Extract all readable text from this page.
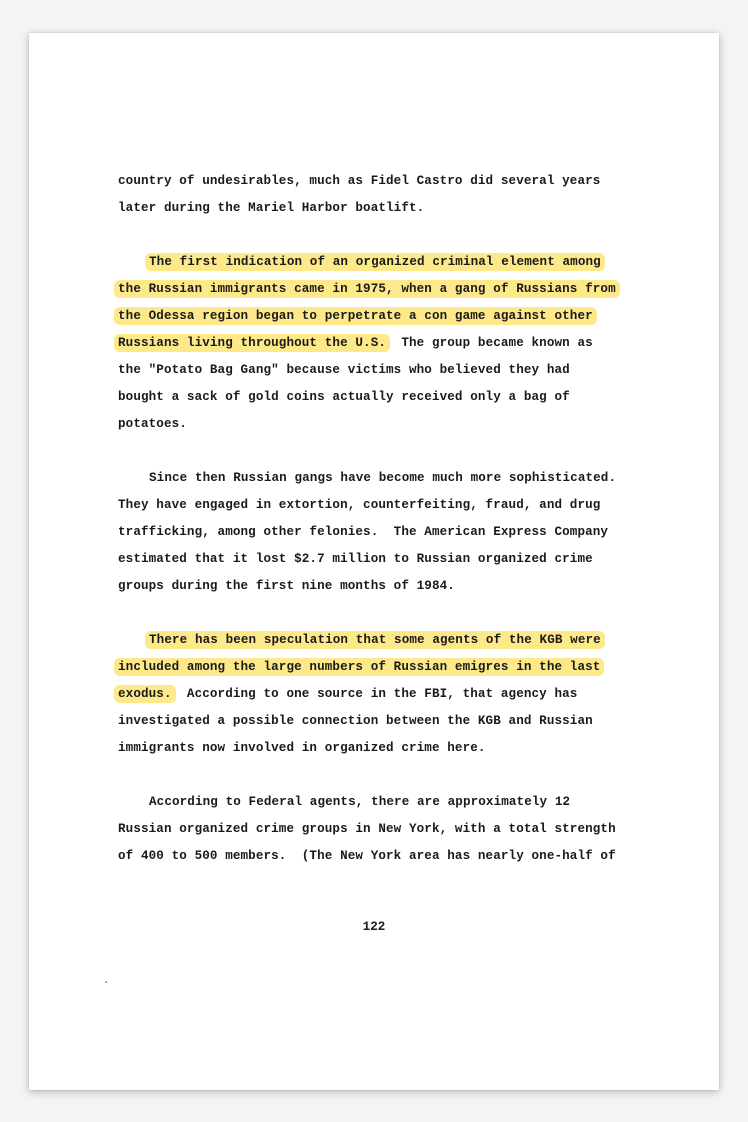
country of undesirables, much as Fidel Castro did several years
later during the Mariel Harbor boatlift.
The first indication of an organized criminal element among
the Russian immigrants came in 1975, when a gang of Russians from
the Odessa region began to perpetrate a con game against other
Russians living throughout the U.S.  The group became known as
the "Potato Bag Gang" because victims who believed they had
bought a sack of gold coins actually received only a bag of
potatoes.
Since then Russian gangs have become much more sophisticated.
They have engaged in extortion, counterfeiting, fraud, and drug
trafficking, among other felonies.  The American Express Company
estimated that it lost $2.7 million to Russian organized crime
groups during the first nine months of 1984.
There has been speculation that some agents of the KGB were
included among the large numbers of Russian emigres in the last
exodus.  According to one source in the FBI, that agency has
investigated a possible connection between the KGB and Russian
immigrants now involved in organized crime here.
According to Federal agents, there are approximately 12
Russian organized crime groups in New York, with a total strength
of 400 to 500 members.  (The New York area has nearly one-half of
122
